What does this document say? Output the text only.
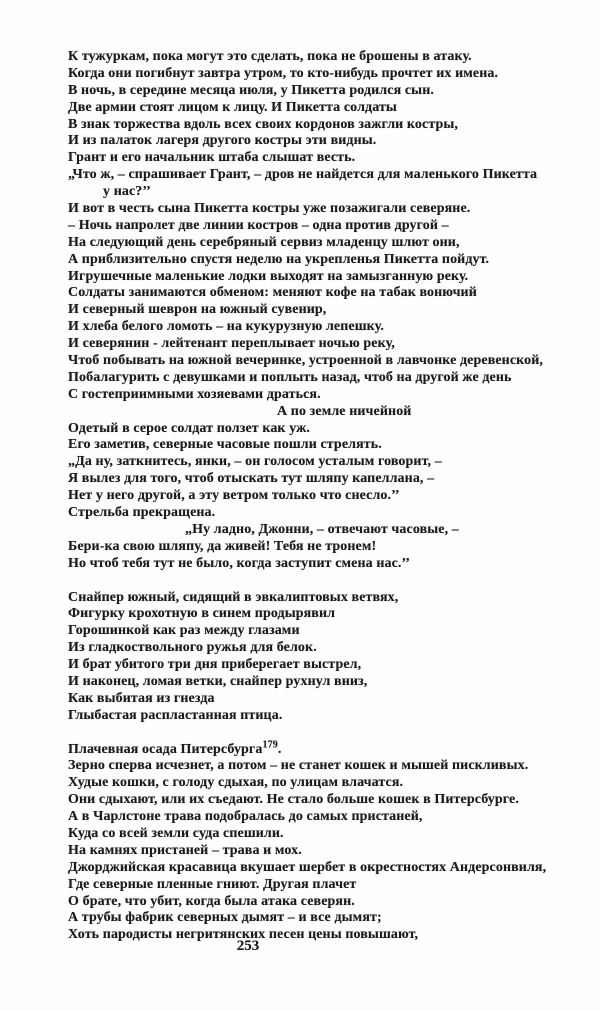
К тужуркам, пока могут это сделать, пока не брошены в атаку.
Когда они погибнут завтра утром, то кто-нибудь прочтет их имена.
В ночь, в середине месяца июля, у Пикетта родился сын.
Две армии стоят лицом к лицу. И Пикетта солдаты
В знак торжества вдоль всех своих кордонов зажгли костры,
И из палаток лагеря другого костры эти видны.
Грант и его начальник штаба слышат весть.
„Что ж, – спрашивает Грант, – дров не найдется для маленького Пикетта
у нас?’’
И вот в честь сына Пикетта костры уже позажигали северяне.
– Ночь напролет две линии костров – одна против другой –
На следующий день серебряный сервиз младенцу шлют они,
А приблизительно спустя неделю на укрепленья Пикетта пойдут.
Игрушечные маленькие лодки выходят на замызганную реку.
Солдаты занимаются обменом: меняют кофе на табак вонючий
И северный шеврон на южный сувенир,
И хлеба белого ломоть – на кукурузную лепешку.
И северянин - лейтенант переплывает ночью реку,
Чтоб побывать на южной вечеринке, устроенной в лавчонке деревенской,
Побалагурить с девушками и поплыть назад, чтоб на другой же день
С гостеприимными хозяевами драться.
А по земле ничейной
Одетый в серое солдат ползет как уж.
Его заметив, северные часовые пошли стрелять.
„Да ну, заткнитесь, янки, – он голосом усталым говорит, –
Я вылез для того, чтоб отыскать тут шляпу капеллана, –
Нет у него другой, а эту ветром только что снесло.’’
Стрельба прекращена.
„Ну ладно, Джонни, – отвечают часовые, –
Бери-ка свою шляпу, да живей! Тебя не тронем!
Но чтоб тебя тут не было, когда заступит смена нас.’’
Снайпер южный, сидящий в эвкалиптовых ветвях,
Фигурку крохотную в синем продырявил
Горошинкой как раз между глазами
Из гладкоствольного ружья для белок.
И брат убитого три дня приберегает выстрел,
И наконец, ломая ветки, снайпер рухнул вниз,
Как выбитая из гнезда
Глыбастая распластанная птица.
Плачевная осада Питерсбурга$^{179}$.
Зерно сперва исчезнет, а потом – не станет кошек и мышей пискливых.
Худые кошки, с голоду сдыхая, по улицам влачатся.
Они сдыхают, или их съедают. Не стало больше кошек в Питерсбурге.
А в Чарлстоне трава подобралась до самых пристаней,
Куда со всей земли суда спешили.
На камнях пристаней – трава и мох.
Джорджийская красавица вкушает шербет в окрестностях Андерсонвиля,
Где северные пленные гниют. Другая плачет
О брате, что убит, когда была атака северян.
А трубы фабрик северных дымят – и все дымят;
Хоть пародисты негритянских песен цены повышают,
253
